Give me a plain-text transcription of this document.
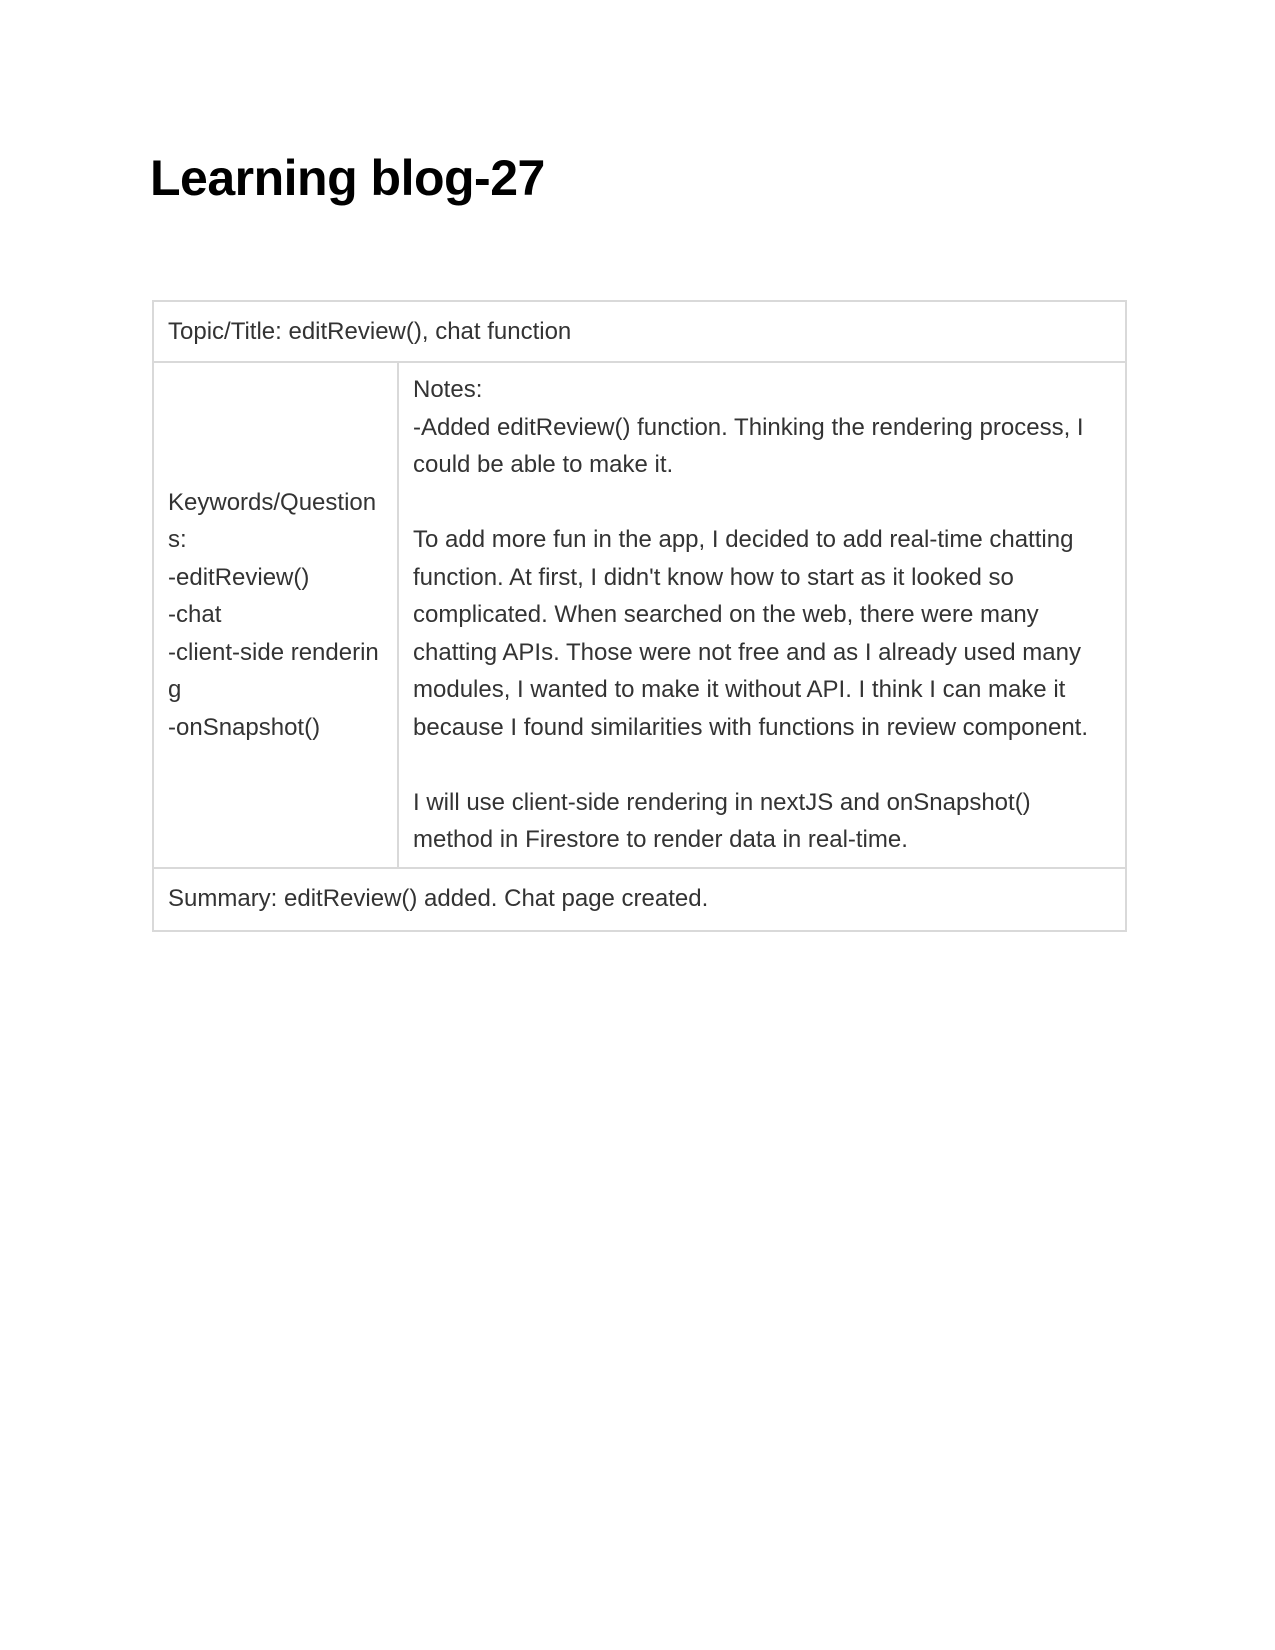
Learning blog-27
Topic/Title: editReview(), chat function

Keywords/Questions:
-editReview()
-chat
-client-side rendering
-onSnapshot()

Notes:
-Added editReview() function. Thinking the rendering process, I could be able to make it.
To add more fun in the app, I decided to add real-time chatting function. At first, I didn't know how to start as it looked so complicated. When searched on the web, there were many chatting APIs. Those were not free and as I already used many modules, I wanted to make it without API. I think I can make it because I found similarities with functions in review component.
I will use client-side rendering in nextJS and onSnapshot() method in Firestore to render data in real-time.

Summary: editReview() added. Chat page created.
